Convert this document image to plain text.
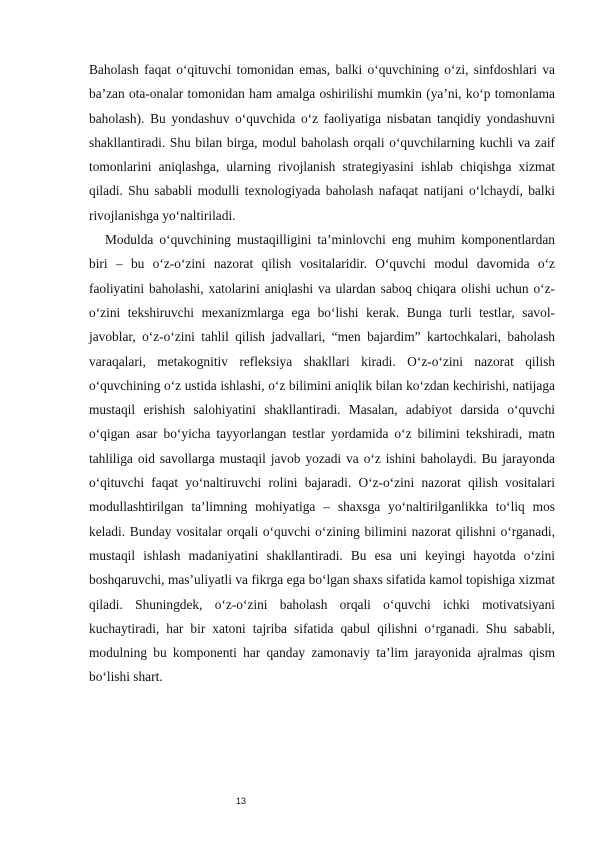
Baholash faqat o‘qituvchi tomonidan emas, balki o‘quvchining o‘zi, sinfdoshlari va ba’zan ota-onalar tomonidan ham amalga oshirilishi mumkin (ya’ni, ko‘p tomonlama baholash). Bu yondashuv o‘quvchida o‘z faoliyatiga nisbatan tanqidiy yondashuvni shakllantiradi. Shu bilan birga, modul baholash orqali o‘quvchilarning kuchli va zaif tomonlarini aniqlashga, ularning rivojlanish strategiyasini ishlab chiqishga xizmat qiladi. Shu sababli modulli texnologiyada baholash nafaqat natijani o‘lchaydi, balki rivojlanishga yo‘naltiriladi.

Modulda o‘quvchining mustaqilligini ta’minlovchi eng muhim komponentlardan biri – bu o‘z-o‘zini nazorat qilish vositalaridir. O‘quvchi modul davomida o‘z faoliyatini baholashi, xatolarini aniqlashi va ulardan saboq chiqara olishi uchun o‘z-o‘zini tekshiruvchi mexanizmlarga ega bo‘lishi kerak. Bunga turli testlar, savol-javoblar, o‘z-o‘zini tahlil qilish jadvallari, “men bajardim” kartochkalari, baholash varaqalari, metakognitiv refleksiya shakllari kiradi. O‘z-o‘zini nazorat qilish o‘quvchining o‘z ustida ishlashi, o‘z bilimini aniqlik bilan ko‘zdan kechirishi, natijaga mustaqil erishish salohiyatini shakllantiradi. Masalan, adabiyot darsida o‘quvchi o‘qigan asar bo‘yicha tayyorlangan testlar yordamida o‘z bilimini tekshiradi, matn tahliliga oid savollarga mustaqil javob yozadi va o‘z ishini baholaydi. Bu jarayonda o‘qituvchi faqat yo‘naltiruvchi rolini bajaradi. O‘z-o‘zini nazorat qilish vositalari modullashtirilgan ta’limning mohiyatiga – shaxsga yo‘naltirilganlikka to‘liq mos keladi. Bunday vositalar orqali o‘quvchi o‘zining bilimini nazorat qilishni o‘rganadi, mustaqil ishlash madaniyatini shakllantiradi. Bu esa uni keyingi hayotda o‘zini boshqaruvchi, mas’uliyatli va fikrga ega bo‘lgan shaxs sifatida kamol topishiga xizmat qiladi. Shuningdek, o‘z-o‘zini baholash orqali o‘quvchi ichki motivatsiyani kuchaytiradi, har bir xatoni tajriba sifatida qabul qilishni o‘rganadi. Shu sababli, modulning bu komponenti har qanday zamonaviy ta’lim jarayonida ajralmas qism bo‘lishi shart.

13
